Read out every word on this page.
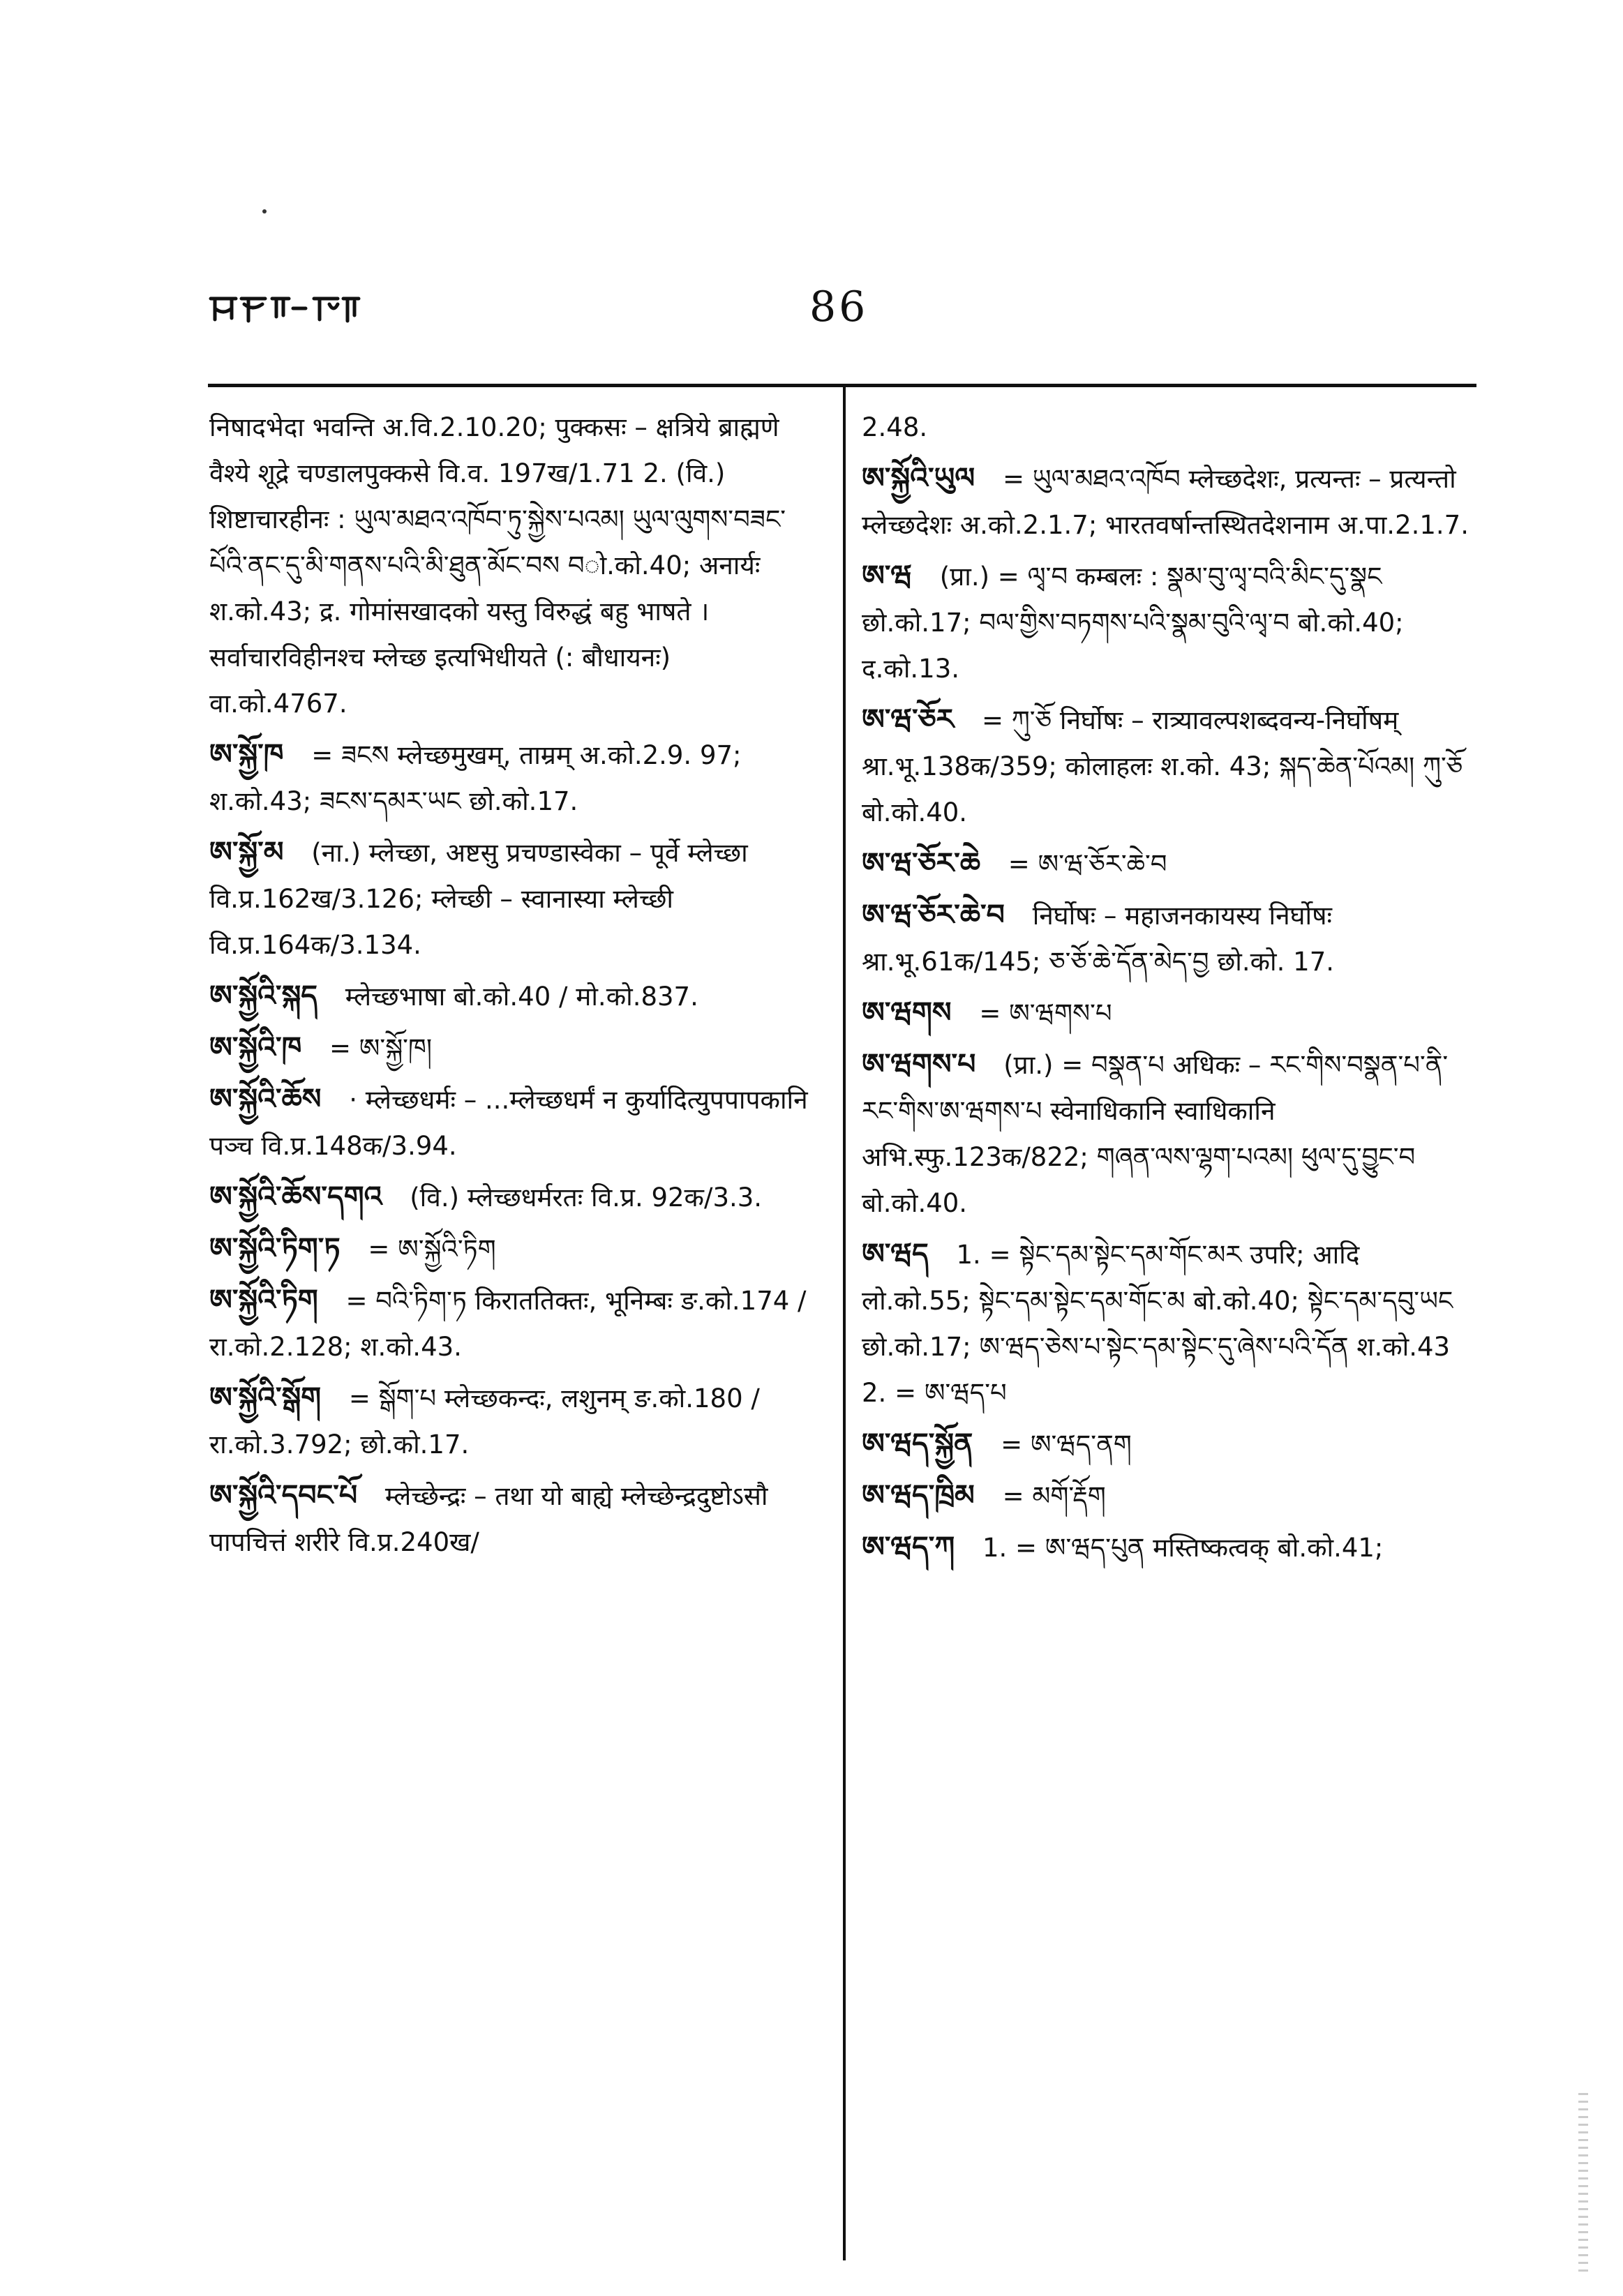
86
निषादभेदा भवन्ति अ.वि.2.10.20; पुक्कसः – क्षत्रिये ब्राह्मणे वैश्ये शूद्रे चण्डालपुक्कसे वि.व. 197ख/1.71 2. (वि.) शिष्टाचारहीनः : ཡུལ་མཐའ་འཁོབ་ཏུ་སྐྱེས་པའམ། ཡུལ་ལུགས་བཟང་པོའི་ནང་དུ་མི་གནས་པའི་མི་ཐུན་མོང་བས བो.को.40; अनार्यः श.को.43; द्र. गोमांसखादको यस्तु विरुद्धं बहु भाषते । सर्वाचारविहीनश्च म्लेच्छ इत्यभिधीयते (: बौधायनः) वा.को.4767.
ཨ་སྐྱོ་ཁ = ཟངས म्लेच्छमुखम्, ताम्रम् अ.को.2.9. 97; श.को.43; ཟངས་དམར་ཡང छो.को.17.
ཨ་སྐྱོ་མ (ना.) म्लेच्छा, अष्टसु प्रचण्डास्वेका – पूर्वे म्लेच्छा वि.प्र.162ख/3.126; म्लेच्छी – स्वानास्या म्लेच्छी वि.प्र.164क/3.134.
ཨ་སྐྱོའི་སྐད म्लेच्छभाषा बो.को.40 / मो.को.837.
ཨ་སྐྱོའི་ཁ = ཨ་སྐྱོ་ཁ།
ཨ་སྐྱོའི་ཆོས · म्लेच्छधर्मः – ...म्लेच्छधर्मं न कुर्यादित्युपपापकानि पञ्च वि.प्र.148क/3.94.
ཨ་སྐྱོའི་ཆོས་དགའ (वि.) म्लेच्छधर्मरतः वि.प्र. 92क/3.3.
ཨ་སྐྱོའི་ཏིག་ཏ = ཨ་སྐྱོའི་ཏིག
ཨ་སྐྱོའི་ཏིག = བའི་ཏིག་ཏ किराततिक्तः, भूनिम्बः ङ.को.174 / रा.को.2.128; श.को.43.
ཨ་སྐྱོའི་སྒོག = སྒོག་པ म्लेच्छकन्दः, लशुनम् ङ.को.180 / रा.को.3.792; छो.को.17.
ཨ་སྐྱོའི་དབང་པོ म्लेच्छेन्द्रः – तथा यो बाह्ये म्लेच्छेन्द्रदुष्टोऽसौ पापचित्तं शरीरे वि.प्र.240ख/
2.48.
ཨ་སྐྱོའི་ཡུལ = ཡུལ་མཐའ་འཁོབ म्लेच्छदेशः, प्रत्यन्तः – प्रत्यन्तो म्लेच्छदेशः अ.को.2.1.7; भारतवर्षान्तस्थितदेशनाम अ.पा.2.1.7.
ཨ་ཝ (प्रा.) = ལྭ་བ कम्बलः : སྣམ་བུ་ལྭ་བའི་མིང་དུ་སྣང छो.को.17; བལ་གྱིས་བཏགས་པའི་སྣམ་བུའི་ལྭ་བ बो.को.40; द.को.13.
ཨ་ཝ་ཅོར = ཀུ་ཅོ निर्घोषः – रात्र्यावल्पशब्दवन्य-निर्घोषम् श्रा.भू.138क/359; कोलाहलः श.को. 43; སྐད་ཆེན་པོའམ། ཀུ་ཅོ बो.को.40.
ཨ་ཝ་ཅོར་ཆེ = ཨ་ཝ་ཅོར་ཆེ་བ
ཨ་ཝ་ཅོར་ཆེ་བ निर्घोषः – महाजनकायस्य निर्घोषः श्रा.भू.61क/145; ཅ་ཅོ་ཆེ་དོན་མེད་བྱ छो.को. 17.
ཨ་ཝགས = ཨ་ཝགས་པ
ཨ་ཝགས་པ (प्रा.) = བསྣན་པ अधिकः – རང་གིས་བསྣན་པ་ནི་རང་གིས་ཨ་ཝགས་པ स्वेनाधिकानि स्वाधिकानि अभि.स्फु.123क/822; གཞན་ལས་ལྷག་པའམ། ཕུལ་དུ་བྱུང་བ बो.को.40.
ཨ་ཝད 1. = སྟེང་དམ་སྟེང་དམ་གོང་མར उपरि; आदि लो.को.55; སྟེང་དམ་སྟེང་དམ་གོང་མ बो.को.40; སྟེང་དམ་དབུ་ཡང छो.को.17; ཨ་ཝད་ཅེས་པ་སྟེང་དམ་སྟེང་དུ་ཞེས་པའི་དོན श.को.43 2. = ཨ་ཝད་པ
ཨ་ཝད་སྐྱོན = ཨ་ཝད་ནག
ཨ་ཝད་ཁྲིམ = མགོ་རྡོག
ཨ་ཝད་ཀ 1. = ཨ་ཝད་པུན मस्तिष्कत्वक् बो.को.41;
